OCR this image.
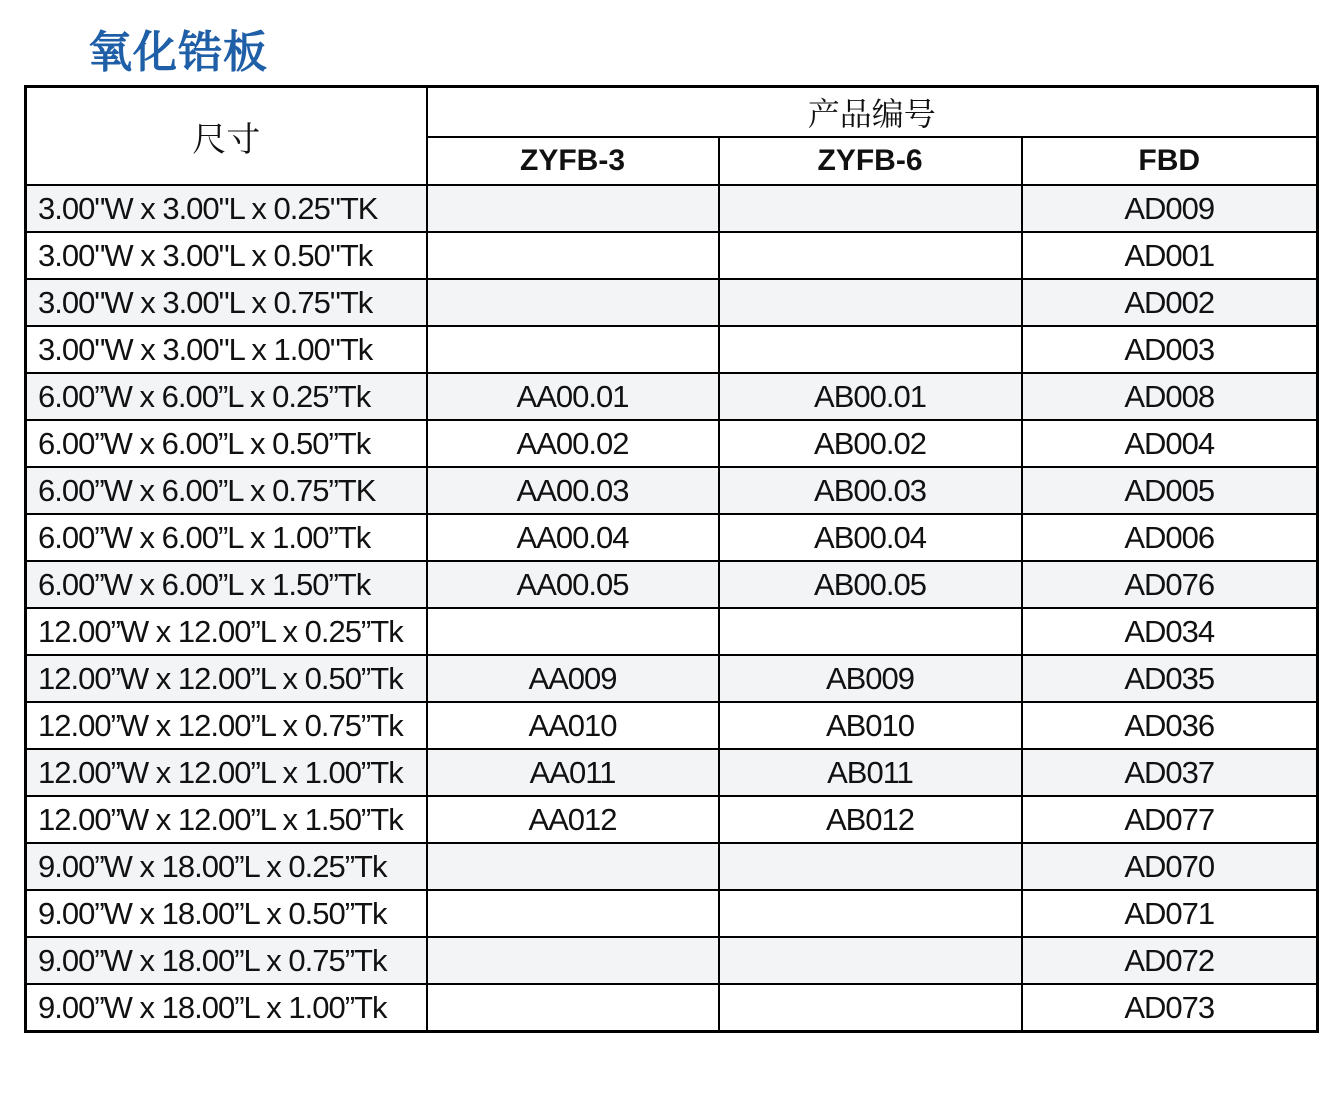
氧化锆板
尺寸	产品编号		
	ZYFB-3	ZYFB-6	FBD
3.00"W x 3.00"L x 0.25"TK			AD009
3.00"W x 3.00"L x 0.50"Tk			AD001
3.00"W x 3.00"L x 0.75"Tk			AD002
3.00"W x 3.00"L x 1.00"Tk			AD003
6.00”W x 6.00”L x 0.25”Tk	AA00.01	AB00.01	AD008
6.00”W x 6.00”L x 0.50”Tk	AA00.02	AB00.02	AD004
6.00”W x 6.00”L x 0.75”TK	AA00.03	AB00.03	AD005
6.00”W x 6.00”L x 1.00”Tk	AA00.04	AB00.04	AD006
6.00”W x 6.00”L x 1.50”Tk	AA00.05	AB00.05	AD076
12.00”W x 12.00”L x 0.25”Tk			AD034
12.00”W x 12.00”L x 0.50”Tk	AA009	AB009	AD035
12.00”W x 12.00”L x 0.75”Tk	AA010	AB010	AD036
12.00”W x 12.00”L x 1.00”Tk	AA011	AB011	AD037
12.00”W x 12.00”L x 1.50”Tk	AA012	AB012	AD077
9.00”W x 18.00”L x 0.25”Tk			AD070
9.00”W x 18.00”L x 0.50”Tk			AD071
9.00”W x 18.00”L x 0.75”Tk			AD072
9.00”W x 18.00”L x 1.00”Tk			AD073
